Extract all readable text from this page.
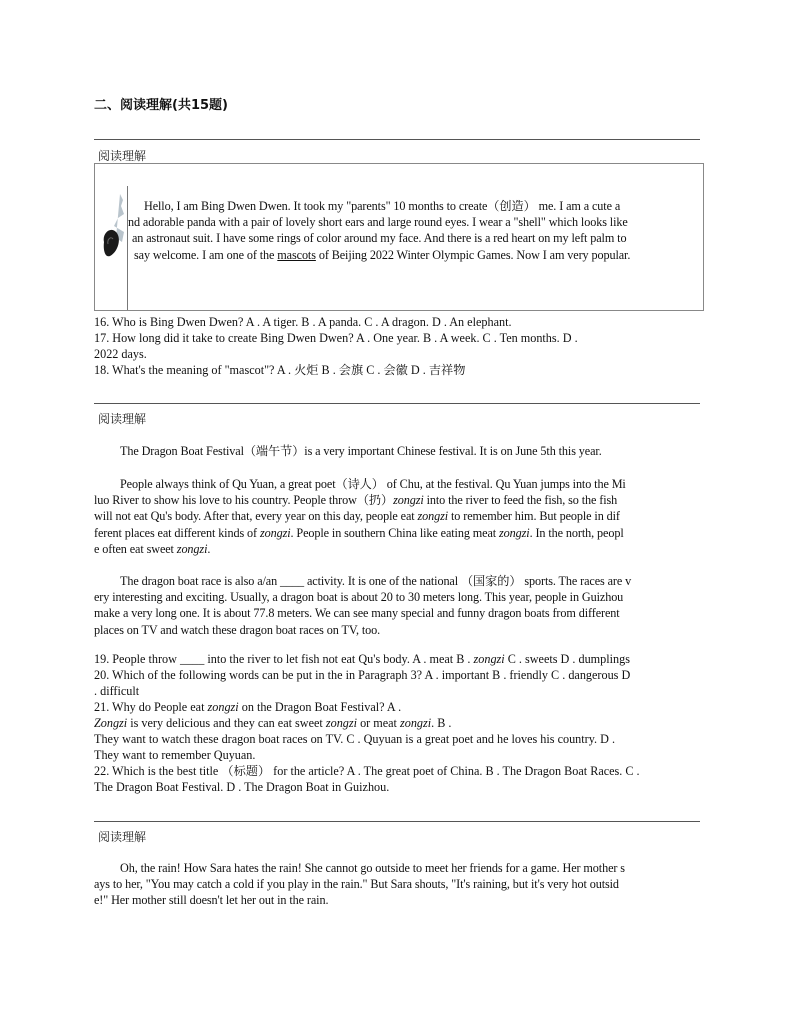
二、阅读理解(共15题)
阅读理解
Hello, I am Bing Dwen Dwen. It took my "parents" 10 months to create（创造） me. I am a cute a
nd adorable panda with a pair of lovely short ears and large round eyes. I wear a "shell" which looks like
an astronaut suit. I have some rings of color around my face. And there is a red heart on my left palm to
say welcome. I am one of the mascots of Beijing 2022 Winter Olympic Games. Now I am very popular.
16. Who is Bing Dwen Dwen? A . A tiger. B . A panda. C . A dragon. D . An elephant.
17. How long did it take to create Bing Dwen Dwen? A . One year. B . A week. C . Ten months. D .
2022 days.
18. What's the meaning of "mascot"? A . 火炬 B . 会旗 C . 会徽 D . 吉祥物
阅读理解
The Dragon Boat Festival（端午节）is a very important Chinese festival. It is on June 5th this year.
People always think of Qu Yuan, a great poet（诗人） of Chu, at the festival. Qu Yuan jumps into the Mi
luo River to show his love to his country. People throw（扔）zongzi into the river to feed the fish, so the fish
will not eat Qu's body. After that, every year on this day, people eat zongzi to remember him. But people in dif
ferent places eat different kinds of zongzi. People in southern China like eating meat zongzi. In the north, peopl
e often eat sweet zongzi.
The dragon boat race is also a/an ____ activity. It is one of the national （国家的） sports. The races are v
ery interesting and exciting. Usually, a dragon boat is about 20 to 30 meters long. This year, people in Guizhou
make a very long one. It is about 77.8 meters. We can see many special and funny dragon boats from different
places on TV and watch these dragon boat races on TV, too.
19. People throw ____ into the river to let fish not eat Qu's body. A . meat B . zongzi C . sweets D . dumplings
20. Which of the following words can be put in the in Paragraph 3? A . important B . friendly C . dangerous D
. difficult
21. Why do People eat zongzi on the Dragon Boat Festival? A .
Zongzi is very delicious and they can eat sweet zongzi or meat zongzi. B .
They want to watch these dragon boat races on TV. C . Quyuan is a great poet and he loves his country. D .
They want to remember Quyuan.
22. Which is the best title （标题） for the article? A . The great poet of China. B . The Dragon Boat Races. C .
The Dragon Boat Festival. D . The Dragon Boat in Guizhou.
阅读理解
Oh, the rain! How Sara hates the rain! She cannot go outside to meet her friends for a game. Her mother s
ays to her, "You may catch a cold if you play in the rain." But Sara shouts, "It's raining, but it's very hot outsid
e!" Her mother still doesn't let her out in the rain.
